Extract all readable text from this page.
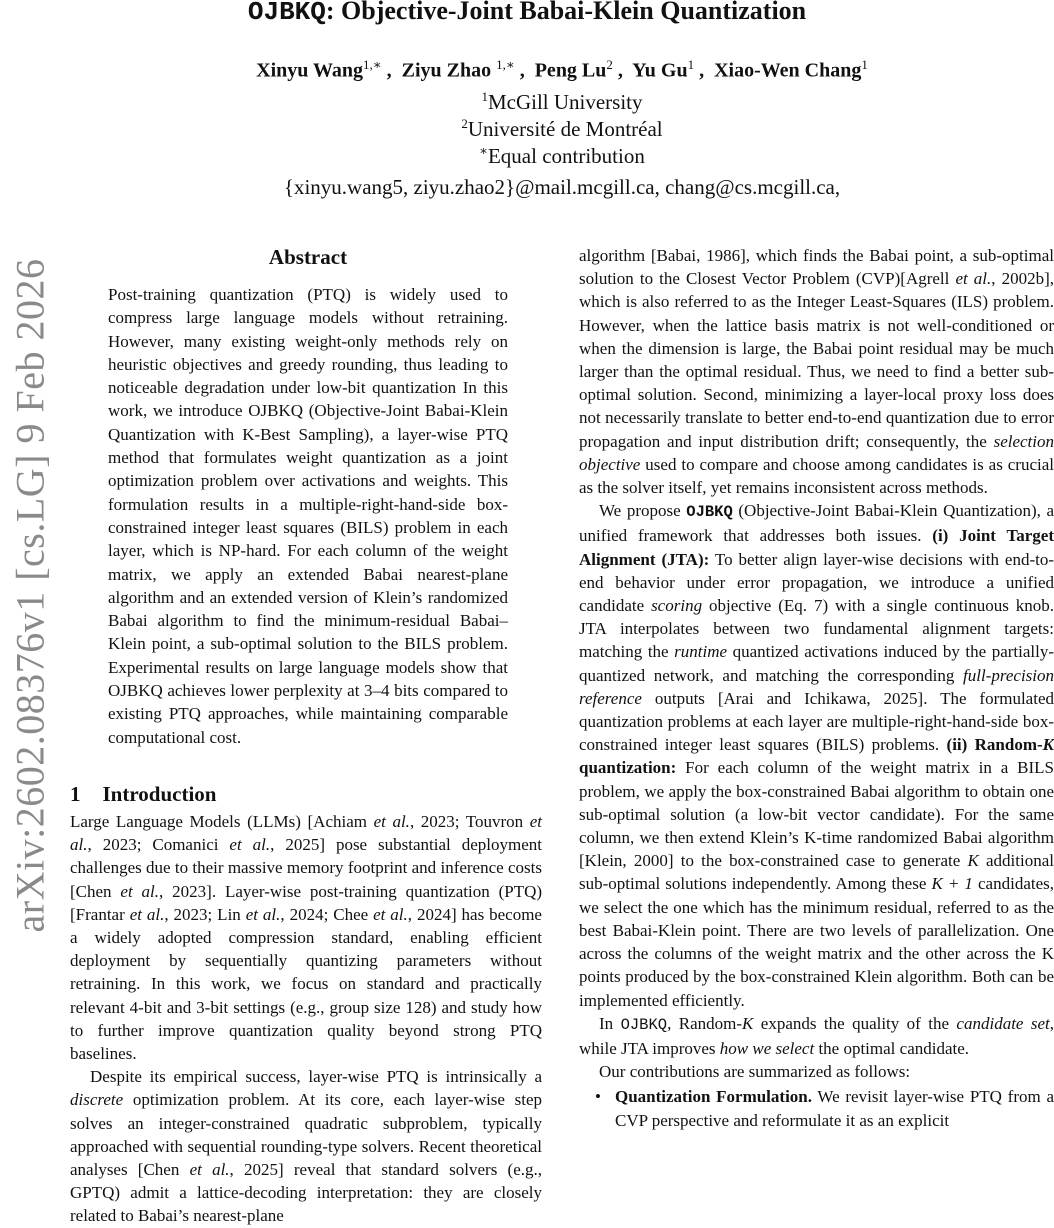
arXiv:2602.08376v1 [cs.LG] 9 Feb 2026
OJBKQ: Objective-Joint Babai-Klein Quantization
Xinyu Wang$^{1,∗}$ ,  Ziyu Zhao $^{1,∗}$ ,  Peng Lu$^2$ ,  Yu Gu$^1$ ,  Xiao-Wen Chang$^1$
$^1$McGill University
$^2$Université de Montréal
∗Equal contribution
{xinyu.wang5, ziyu.zhao2}@mail.mcgill.ca, chang@cs.mcgill.ca,
Abstract
Post-training quantization (PTQ) is widely used to compress large language models without retraining. However, many existing weight-only methods rely on heuristic objectives and greedy rounding, thus leading to noticeable degradation under low-bit quantization In this work, we introduce OJBKQ (Objective-Joint Babai-Klein Quantization with K-Best Sampling), a layer-wise PTQ method that formulates weight quantization as a joint optimization problem over activations and weights. This formulation results in a multiple-right-hand-side box-constrained integer least squares (BILS) problem in each layer, which is NP-hard. For each column of the weight matrix, we apply an extended Babai nearest-plane algorithm and an extended version of Klein’s randomized Babai algorithm to find the minimum-residual Babai–Klein point, a sub-optimal solution to the BILS problem. Experimental results on large language models show that OJBKQ achieves lower perplexity at 3–4 bits compared to existing PTQ approaches, while maintaining comparable computational cost.
1 Introduction

Large Language Models (LLMs) [Achiam et al., 2023; Touvron et al., 2023; Comanici et al., 2025] pose substantial deployment challenges due to their massive memory footprint and inference costs [Chen et al., 2023]. Layer-wise post-training quantization (PTQ) [Frantar et al., 2023; Lin et al., 2024; Chee et al., 2024] has become a widely adopted compression standard, enabling efficient deployment by sequentially quantizing parameters without retraining. In this work, we focus on standard and practically relevant 4-bit and 3-bit settings (e.g., group size 128) and study how to further improve quantization quality beyond strong PTQ baselines.

Despite its empirical success, layer-wise PTQ is intrinsically a discrete optimization problem. At its core, each layer-wise step solves an integer-constrained quadratic subproblem, typically approached with sequential rounding-type solvers. Recent theoretical analyses [Chen et al., 2025] reveal that standard solvers (e.g., GPTQ) admit a lattice-decoding interpretation: they are closely related to Babai’s nearest-plane

algorithm [Babai, 1986], which finds the Babai point, a sub-optimal solution to the Closest Vector Problem (CVP)[Agrell et al., 2002b], which is also referred to as the Integer Least-Squares (ILS) problem. However, when the lattice basis matrix is not well-conditioned or when the dimension is large, the Babai point residual may be much larger than the optimal residual. Thus, we need to find a better sub-optimal solution. Second, minimizing a layer-local proxy loss does not necessarily translate to better end-to-end quantization due to error propagation and input distribution drift; consequently, the selection objective used to compare and choose among candidates is as crucial as the solver itself, yet remains inconsistent across methods.

We propose OJBKQ (Objective-Joint Babai-Klein Quantization), a unified framework that addresses both issues. (i) Joint Target Alignment (JTA): To better align layer-wise decisions with end-to-end behavior under error propagation, we introduce a unified candidate scoring objective (Eq. 7) with a single continuous knob. JTA interpolates between two fundamental alignment targets: matching the runtime quantized activations induced by the partially-quantized network, and matching the corresponding full-precision reference outputs [Arai and Ichikawa, 2025]. The formulated quantization problems at each layer are multiple-right-hand-side box-constrained integer least squares (BILS) problems. (ii) Random-K quantization: For each column of the weight matrix in a BILS problem, we apply the box-constrained Babai algorithm to obtain one sub-optimal solution (a low-bit vector candidate). For the same column, we then extend Klein’s K-time randomized Babai algorithm [Klein, 2000] to the box-constrained case to generate K additional sub-optimal solutions independently. Among these K + 1 candidates, we select the one which has the minimum residual, referred to as the best Babai-Klein point. There are two levels of parallelization. One across the columns of the weight matrix and the other across the K points produced by the box-constrained Klein algorithm. Both can be implemented efficiently.

In OJBKQ, Random-K expands the quality of the candidate set, while JTA improves how we select the optimal candidate.

Our contributions are summarized as follows:

• Quantization Formulation. We revisit layer-wise PTQ from a CVP perspective and reformulate it as an explicit
